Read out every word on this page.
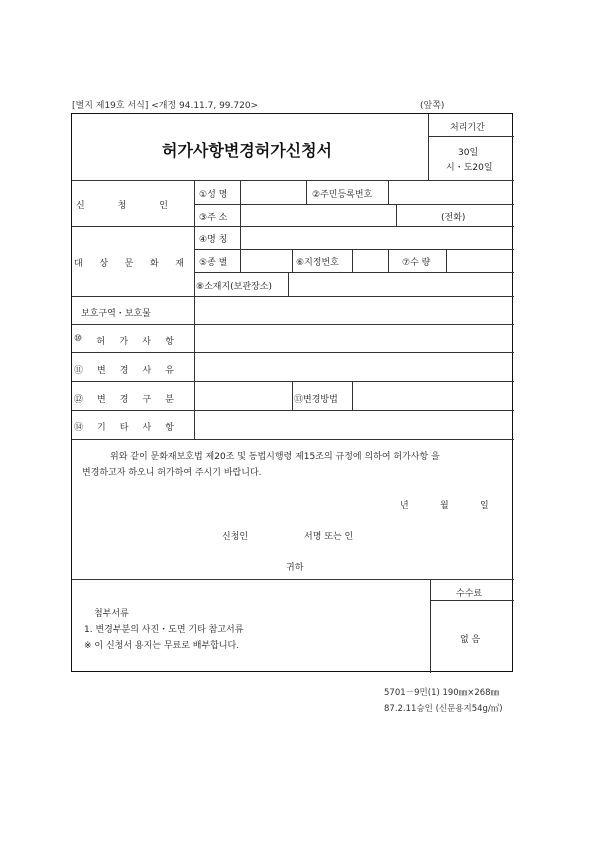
[별지 제19호 서식] <개정 94.11.7, 99.720>	(앞쪽)
허가사항변경허가신청서
처리기간
30일
시・도20일
신	청	인
①성 명	②주민등록번호
③주 소	(전화)
대 상 문 화 재
④명 칭
⑤종 별	⑥지정번호	⑦수 량
⑧소재지(보관장소)
보호구역・보호물
⑩ 허 가 사 항
⑪ 변 경 사 유
⑫ 변 경 구 분	⑬변경방법
⑭ 기 타 사 항
위와 같이 문화재보호법 제20조 및 동법시행령 제15조의 규정에 의하여 허가사항 을
변경하고자 하오니 허가하여 주시기 바랍니다.
년	월	일
신청인	서명 또는 인
귀하
첨부서류
1. 변경부분의 사진・도면 기타 참고서류
※ 이 신청서 용지는 무료로 배부합니다.
수수료
없 음
5701－9민(1) 190㎜×268㎜
87.2.11승인 (신문용지54g/㎡)
